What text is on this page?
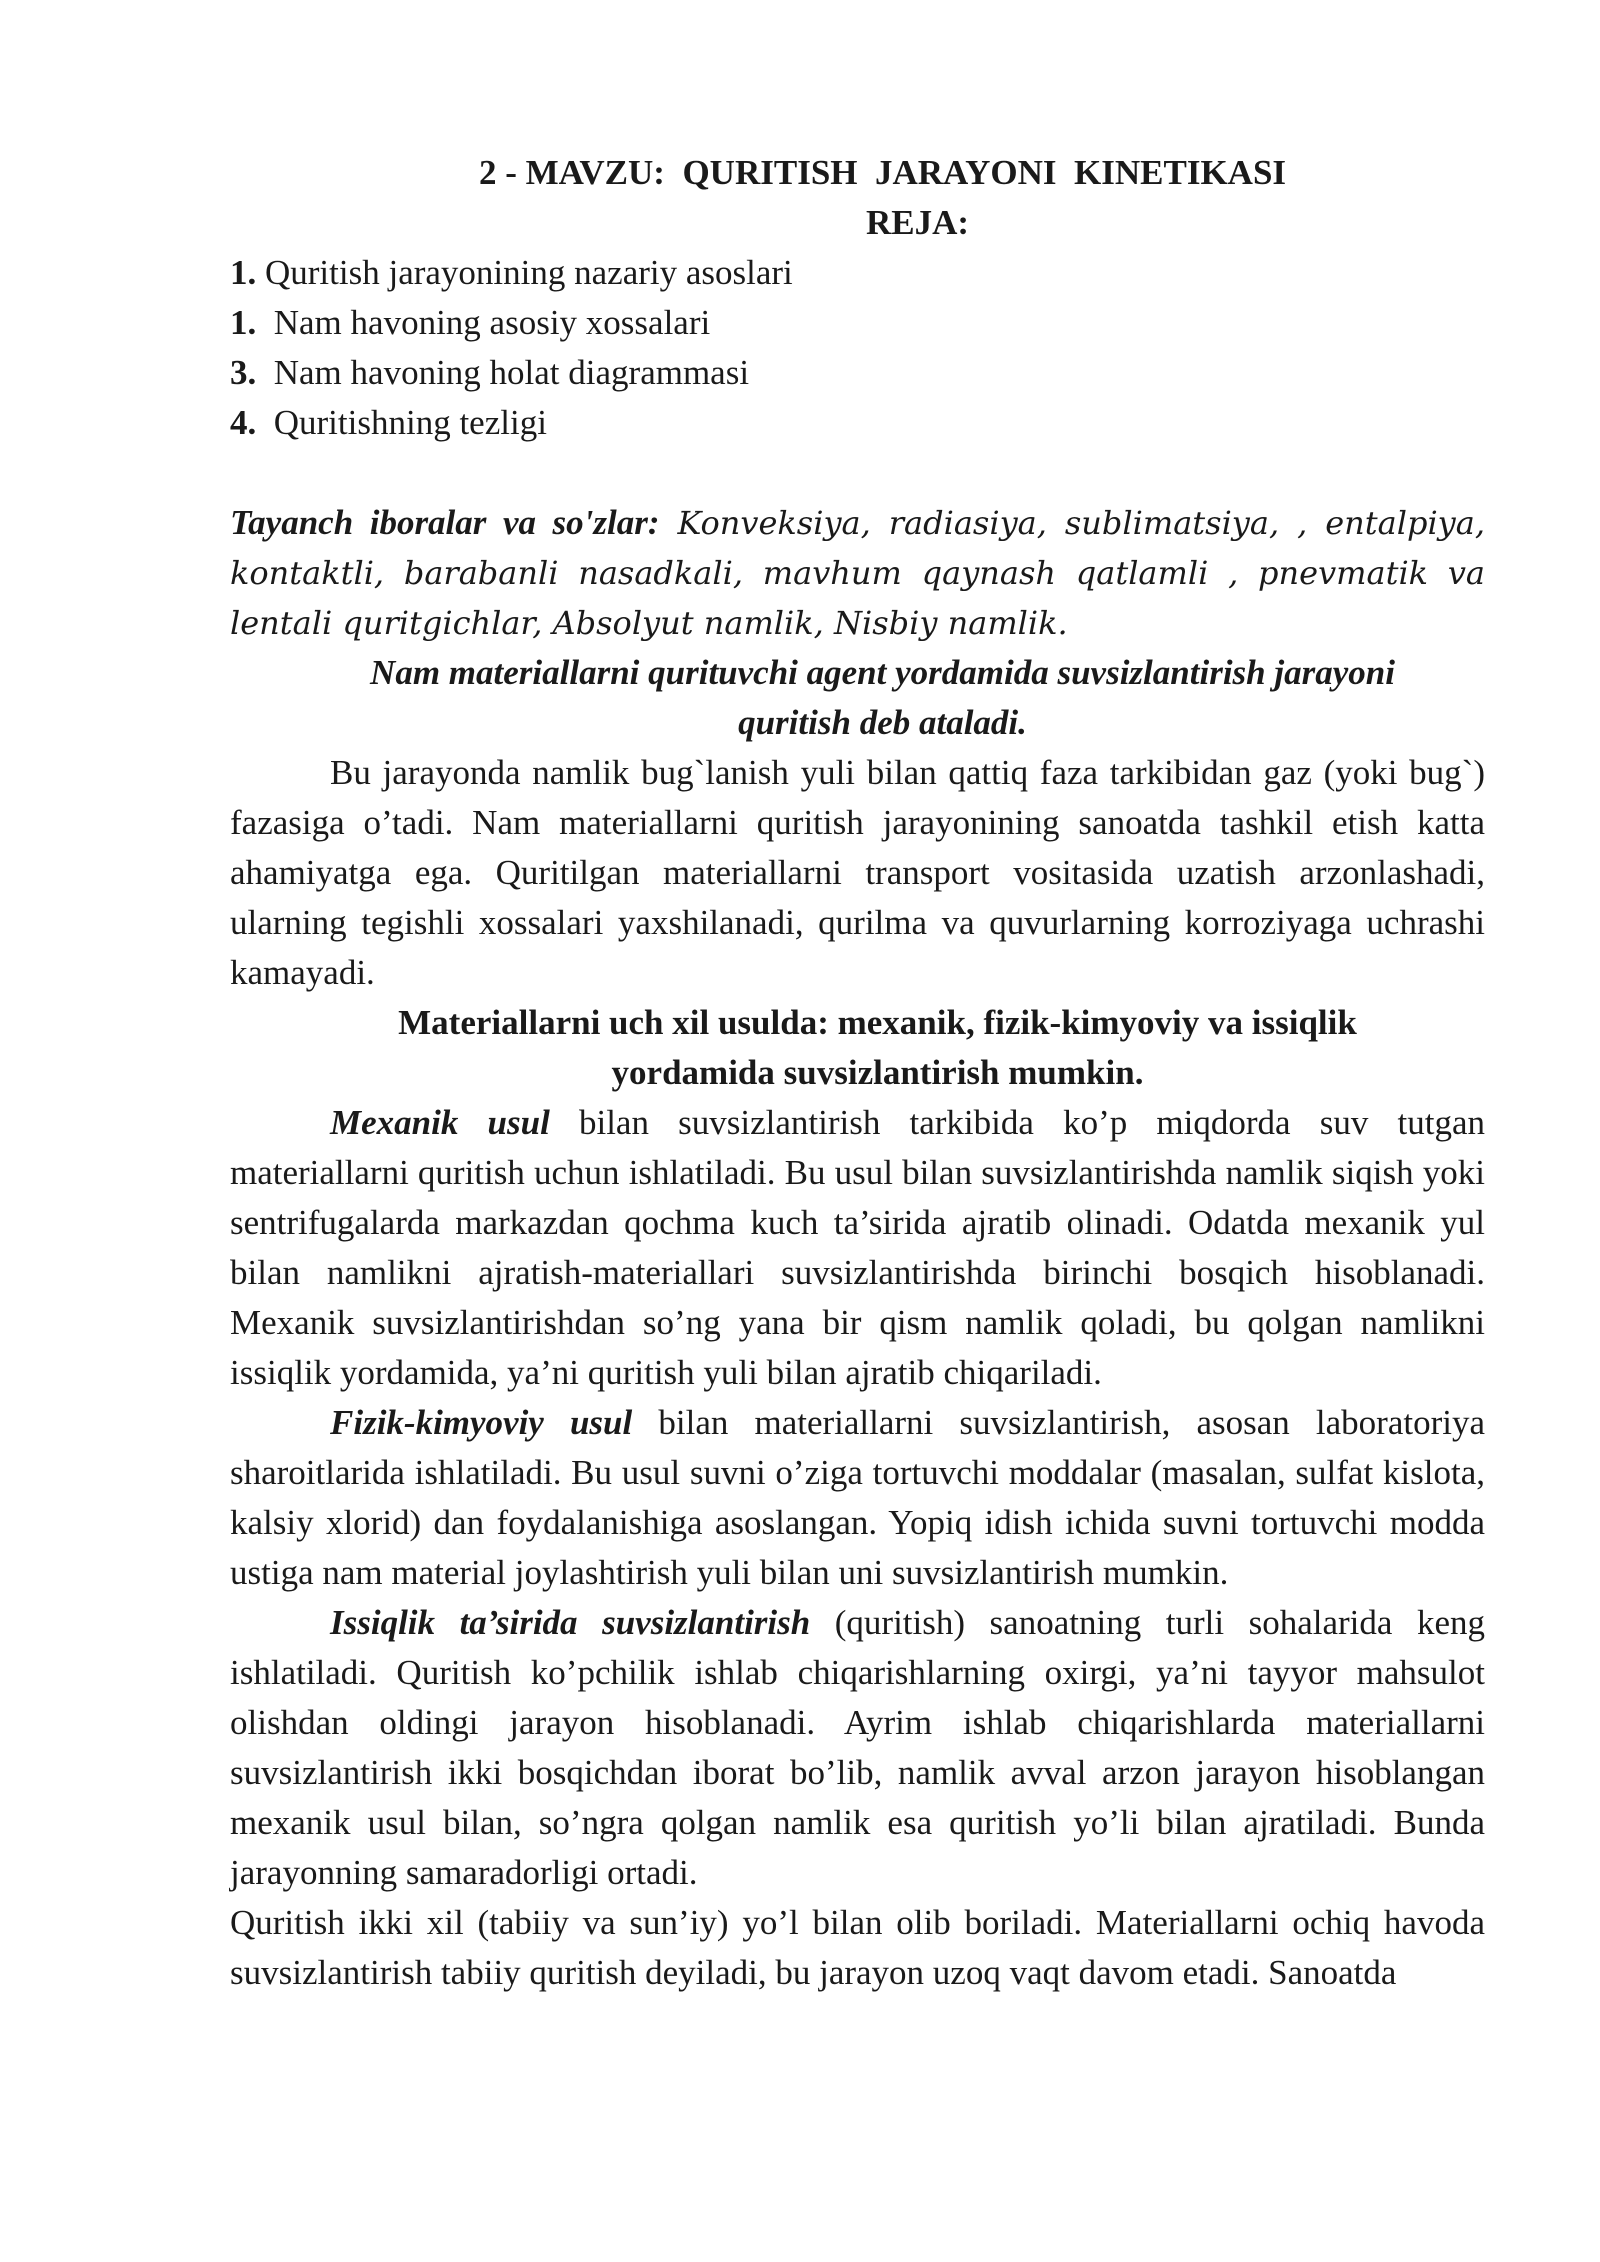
2 - MAVZU:  QURITISH  JARAYONI  KINETIKASI
REJA:
1. Quritish jarayonining nazariy asoslari
1.  Nam havoning asosiy xossalari
3.  Nam havoning holat diagrammasi
4.  Quritishning tezligi

Tayanch iboralar va so'zlar: Konveksiya, radiasiya, sublimatsiya, , entalpiya, kontaktli, barabanli nasadkali, mavhum qaynash qatlamli , pnevmatik va lentali quritgichlar, Absolyut namlik, Nisbiy namlik.

Nam materiallarni qurituvchi agent yordamida suvsizlantirish jarayoni
quritish deb ataladi.

Bu jarayonda namlik bug`lanish yuli bilan qattiq faza tarkibidan gaz (yoki bug`) fazasiga o’tadi. Nam materiallarni quritish jarayonining sanoatda tashkil etish katta ahamiyatga ega. Quritilgan materiallarni transport vositasida uzatish arzonlashadi, ularning tegishli xossalari yaxshilanadi, qurilma va quvurlarning korroziyaga uchrashi kamayadi.

Materiallarni uch xil usulda: mexanik, fizik-kimyoviy va issiqlik
yordamida suvsizlantirish mumkin.

Mexanik usul bilan suvsizlantirish tarkibida ko’p miqdorda suv tutgan materiallarni quritish uchun ishlatiladi. Bu usul bilan suvsizlantirishda namlik siqish yoki sentrifugalarda markazdan qochma kuch ta’sirida ajratib olinadi. Odatda mexanik yul bilan namlikni ajratish-materiallari suvsizlantirishda birinchi bosqich hisoblanadi. Mexanik suvsizlantirishdan so’ng yana bir qism namlik qoladi, bu qolgan namlikni issiqlik yordamida, ya’ni quritish yuli bilan ajratib chiqariladi.

Fizik-kimyoviy usul bilan materiallarni suvsizlantirish, asosan laboratoriya sharoitlarida ishlatiladi. Bu usul suvni o’ziga tortuvchi moddalar (masalan, sulfat kislota, kalsiy xlorid) dan foydalanishiga asoslangan. Yopiq idish ichida suvni tortuvchi modda ustiga nam material joylashtirish yuli bilan uni suvsizlantirish mumkin.

Issiqlik ta’sirida suvsizlantirish (quritish) sanoatning turli sohalarida keng ishlatiladi. Quritish ko’pchilik ishlab chiqarishlarning oxirgi, ya’ni tayyor mahsulot olishdan oldingi jarayon hisoblanadi. Ayrim ishlab chiqarishlarda materiallarni suvsizlantirish ikki bosqichdan iborat bo’lib, namlik avval arzon jarayon hisoblangan mexanik usul bilan, so’ngra qolgan namlik esa quritish yo’li bilan ajratiladi. Bunda jarayonning samaradorligi ortadi.

Quritish ikki xil (tabiiy va sun’iy) yo’l bilan olib boriladi. Materiallarni ochiq havoda suvsizlantirish tabiiy quritish deyiladi, bu jarayon uzoq vaqt davom etadi. Sanoatda
